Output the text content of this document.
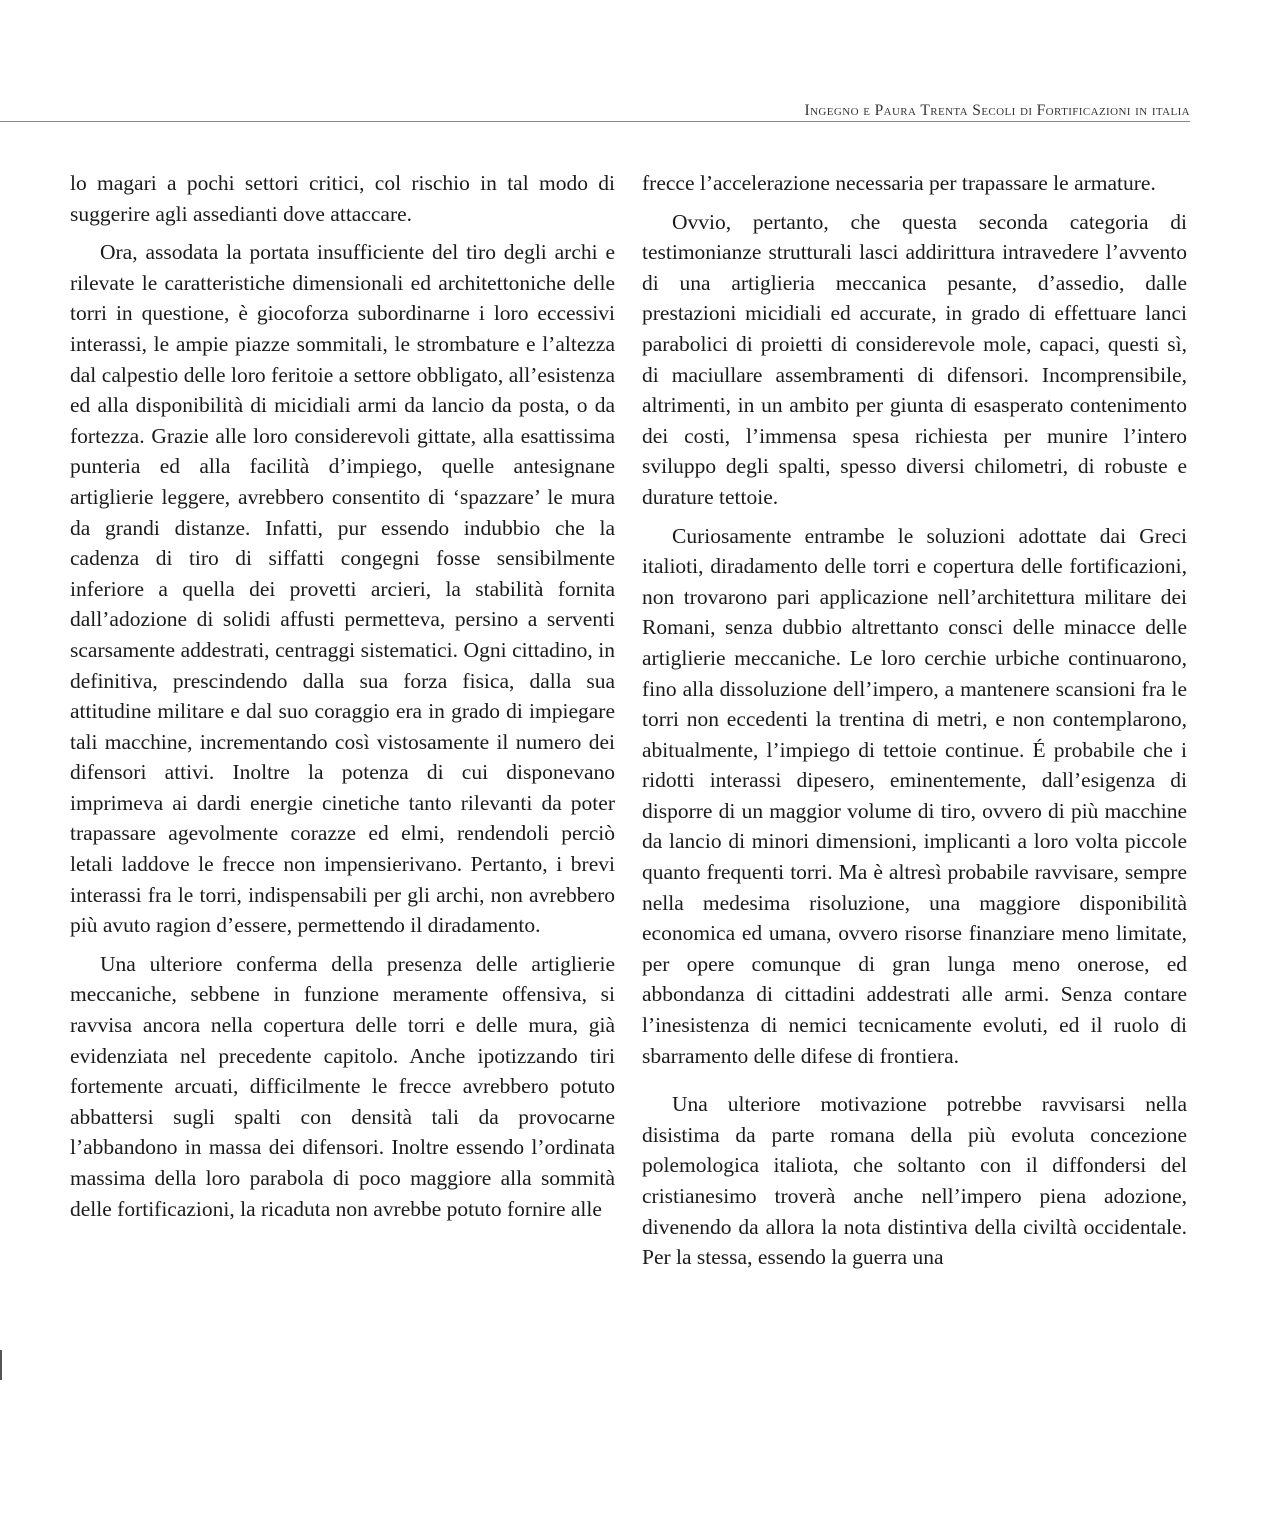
Ingegno e Paura Trenta Secoli di Fortificazioni in italia

lo magari a pochi settori critici, col rischio in tal modo di suggerire agli assedianti dove attaccare.

Ora, assodata la portata insufficiente del tiro degli archi e rilevate le caratteristiche dimensionali ed architettoniche delle torri in questione, è giocoforza subordinarne i loro eccessivi interassi, le ampie piazze sommitali, le strombature e l’altezza dal calpestio delle loro feritoie a settore obbligato, all’esistenza ed alla disponibilità di micidiali armi da lancio da posta, o da fortezza. Grazie alle loro considerevoli gittate, alla esattissima punteria ed alla facilità d’impiego, quelle antesignane artiglierie leggere, avrebbero consentito di ‘spazzare’ le mura da grandi distanze. Infatti, pur essendo indubbio che la cadenza di tiro di siffatti congegni fosse sensibilmente inferiore a quella dei provetti arcieri, la stabilità fornita dall’adozione di solidi affusti permetteva, persino a serventi scarsamente addestrati, centraggi sistematici. Ogni cittadino, in definitiva, prescindendo dalla sua forza fisica, dalla sua attitudine militare e dal suo coraggio era in grado di impiegare tali macchine, incrementando così vistosamente il numero dei difensori attivi. Inoltre la potenza di cui disponevano imprimeva ai dardi energie cinetiche tanto rilevanti da poter trapassare agevolmente corazze ed elmi, rendendoli perciò letali laddove le frecce non impensierivano. Pertanto, i brevi interassi fra le torri, indispensabili per gli archi, non avrebbero più avuto ragion d’essere, permettendo il diradamento.

Una ulteriore conferma della presenza delle artiglierie meccaniche, sebbene in funzione meramente offensiva, si ravvisa ancora nella copertura delle torri e delle mura, già evidenziata nel precedente capitolo. Anche ipotizzando tiri fortemente arcuati, difficilmente le frecce avrebbero potuto abbattersi sugli spalti con densità tali da provocarne l’abbandono in massa dei difensori. Inoltre essendo l’ordinata massima della loro parabola di poco maggiore alla sommità delle fortificazioni, la ricaduta non avrebbe potuto fornire alle

frecce l’accelerazione necessaria per trapassare le armature.

Ovvio, pertanto, che questa seconda categoria di testimonianze strutturali lasci addirittura intravedere l’avvento di una artiglieria meccanica pesante, d’assedio, dalle prestazioni micidiali ed accurate, in grado di effettuare lanci parabolici di proietti di considerevole mole, capaci, questi sì, di maciullare assembramenti di difensori. Incomprensibile, altrimenti, in un ambito per giunta di esasperato contenimento dei costi, l’immensa spesa richiesta per munire l’intero sviluppo degli spalti, spesso diversi chilometri, di robuste e durature tettoie.

Curiosamente entrambe le soluzioni adottate dai Greci italioti, diradamento delle torri e copertura delle fortificazioni, non trovarono pari applicazione nell’architettura militare dei Romani, senza dubbio altrettanto consci delle minacce delle artiglierie meccaniche. Le loro cerchie urbiche continuarono, fino alla dissoluzione dell’impero, a mantenere scansioni fra le torri non eccedenti la trentina di metri, e non contemplarono, abitualmente, l’impiego di tettoie continue. É probabile che i ridotti interassi dipesero, eminentemente, dall’esigenza di disporre di un maggior volume di tiro, ovvero di più macchine da lancio di minori dimensioni, implicanti a loro volta piccole quanto frequenti torri. Ma è altresì probabile ravvisare, sempre nella medesima risoluzione, una maggiore disponibilità economica ed umana, ovvero risorse finanziare meno limitate, per opere comunque di gran lunga meno onerose, ed abbondanza di cittadini addestrati alle armi. Senza contare l’inesistenza di nemici tecnicamente evoluti, ed il ruolo di sbarramento delle difese di frontiera.

Una ulteriore motivazione potrebbe ravvisarsi nella disistima da parte romana della più evoluta concezione polemologica italiota, che soltanto con il diffondersi del cristianesimo troverà anche nell’impero piena adozione, divenendo da allora la nota distintiva della civiltà occidentale. Per la stessa, essendo la guerra una
